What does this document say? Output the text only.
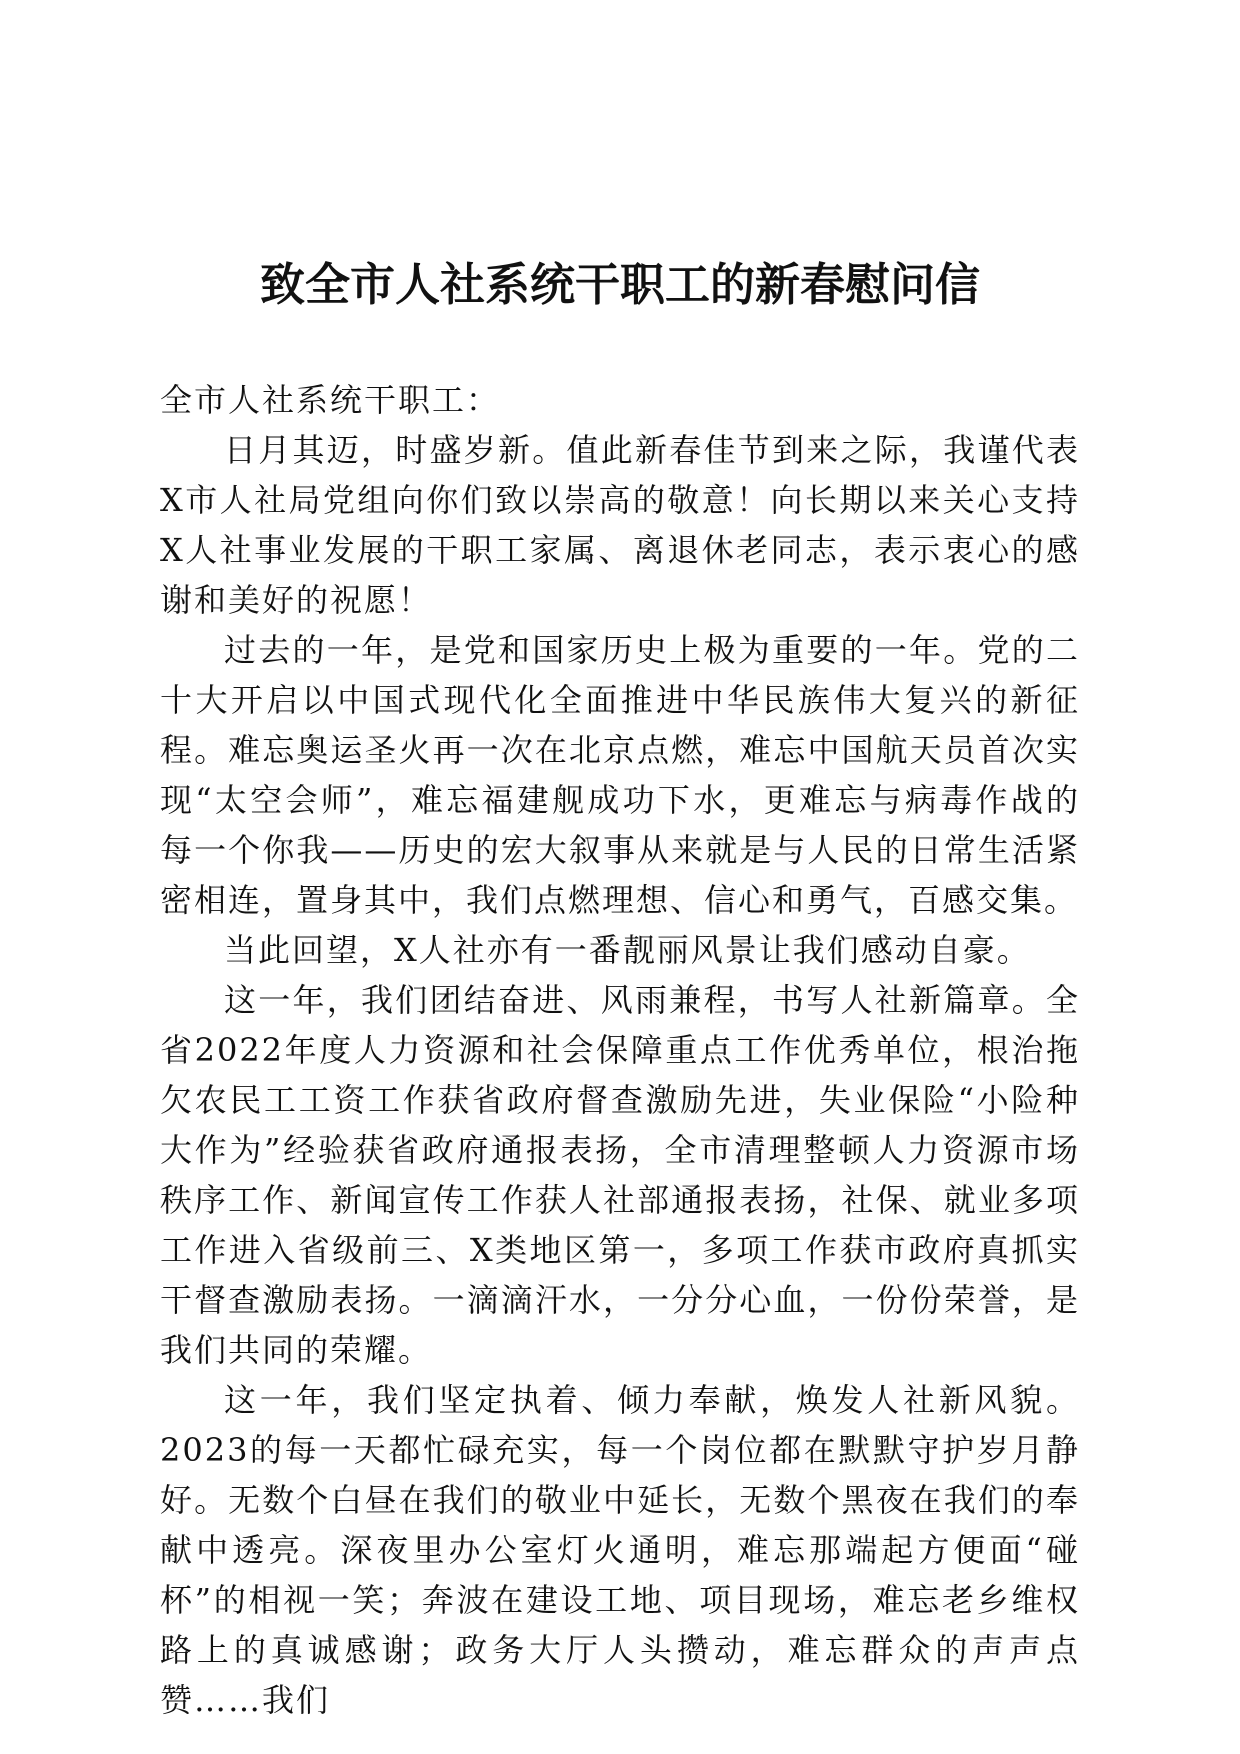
致全市人社系统干职工的新春慰问信

全市人社系统干职工：

日月其迈，时盛岁新。值此新春佳节到来之际，我谨代表X市人社局党组向你们致以崇高的敬意！向长期以来关心支持X人社事业发展的干职工家属、离退休老同志，表示衷心的感谢和美好的祝愿！

过去的一年，是党和国家历史上极为重要的一年。党的二十大开启以中国式现代化全面推进中华民族伟大复兴的新征程。难忘奥运圣火再一次在北京点燃，难忘中国航天员首次实现“太空会师”，难忘福建舰成功下水，更难忘与病毒作战的每一个你我——历史的宏大叙事从来就是与人民的日常生活紧密相连，置身其中，我们点燃理想、信心和勇气，百感交集。

当此回望，X人社亦有一番靓丽风景让我们感动自豪。

这一年，我们团结奋进、风雨兼程，书写人社新篇章。全省2022年度人力资源和社会保障重点工作优秀单位，根治拖欠农民工工资工作获省政府督查激励先进，失业保险“小险种大作为”经验获省政府通报表扬，全市清理整顿人力资源市场秩序工作、新闻宣传工作获人社部通报表扬，社保、就业多项工作进入省级前三、X类地区第一，多项工作获市政府真抓实干督查激励表扬。一滴滴汗水，一分分心血，一份份荣誉，是我们共同的荣耀。

这一年，我们坚定执着、倾力奉献，焕发人社新风貌。2023的每一天都忙碌充实，每一个岗位都在默默守护岁月静好。无数个白昼在我们的敬业中延长，无数个黑夜在我们的奉献中透亮。深夜里办公室灯火通明，难忘那端起方便面“碰杯”的相视一笑；奔波在建设工地、项目现场，难忘老乡维权路上的真诚感谢；政务大厅人头攒动，难忘群众的声声点赞……我们
